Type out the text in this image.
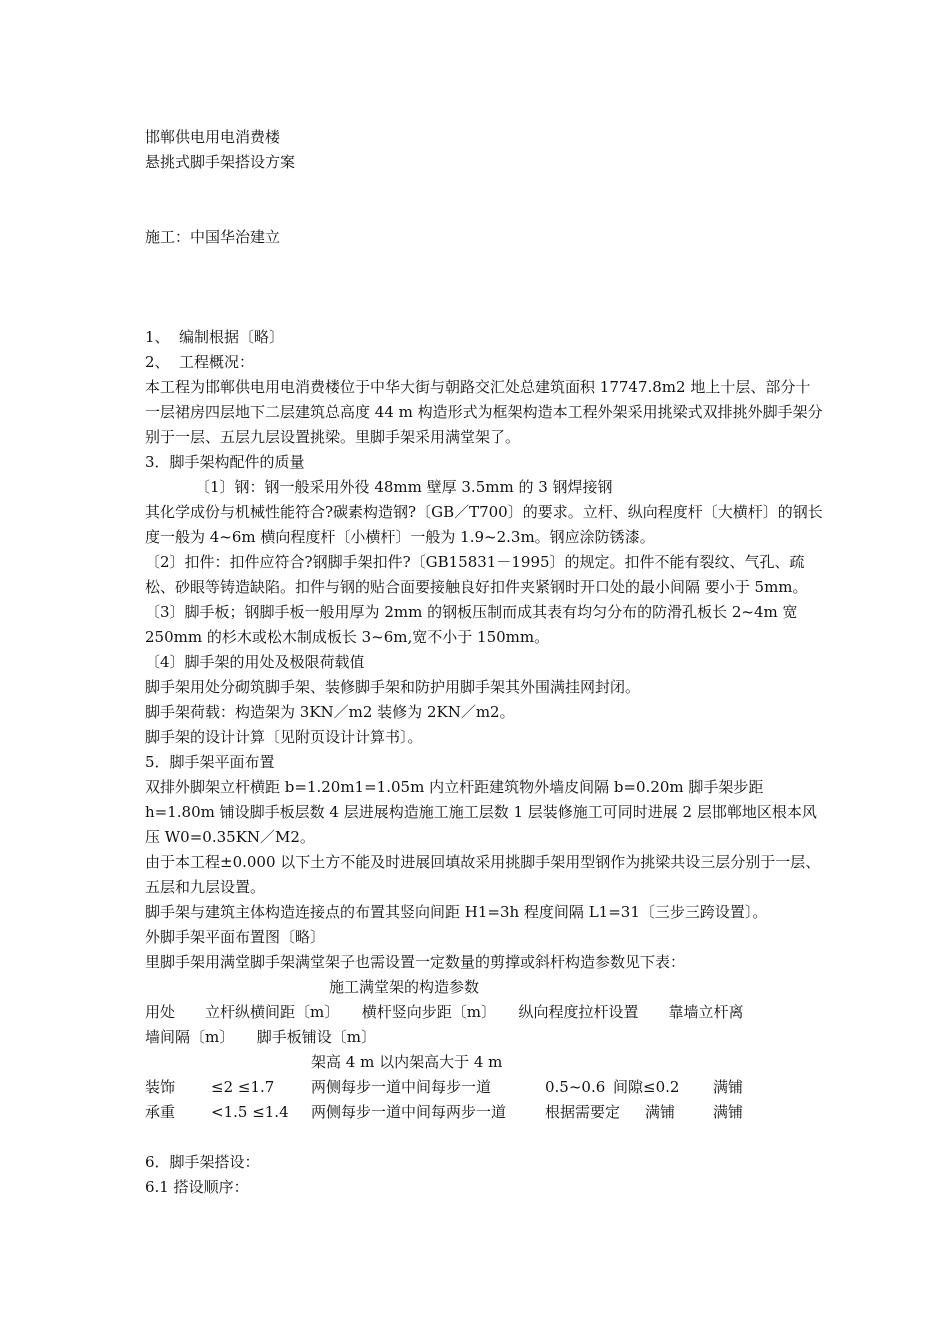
邯郸供电用电消费楼

悬挑式脚手架搭设方案

施工：中国华治建立

1、 编制根据〔略〕

2、 工程概况：

本工程为邯郸供电用电消费楼位于中华大街与朝路交汇处总建筑面积 17747.8m2 地上十层、部分十一层裙房四层地下二层建筑总高度 44 m 构造形式为框架构造本工程外架采用挑梁式双排挑外脚手架分别于一层、五层九层设置挑梁。里脚手架采用满堂架了。

3．脚手架构配件的质量

〔1〕钢：钢一般采用外役 48mm 壁厚 3.5mm 的 3 钢焊接钢

其化学成份与机械性能符合?碳素构造钢?〔GB／T700〕的要求。立杆、纵向程度杆〔大横杆〕的钢长度一般为 4~6m 横向程度杆〔小横杆〕一般为 1.9~2.3m。钢应涂防锈漆。

〔2〕扣件：扣件应符合?钢脚手架扣件?〔GB15831－1995〕的规定。扣件不能有裂纹、气孔、疏松、砂眼等铸造缺陷。扣件与钢的贴合面要接触良好扣件夹紧钢时开口处的最小间隔 要小于 5mm。

〔3〕脚手板；钢脚手板一般用厚为 2mm 的钢板压制而成其表有均匀分布的防滑孔板长 2~4m 宽 250mm 的杉木或松木制成板长 3~6m,宽不小于 150mm。

〔4〕脚手架的用处及极限荷载值

脚手架用处分砌筑脚手架、装修脚手架和防护用脚手架其外围满挂网封闭。

脚手架荷载：构造架为 3KN／m2 装修为 2KN／m2。

脚手架的设计计算〔见附页设计计算书〕。

5．脚手架平面布置

双排外脚架立杆横距 b=1.20m1=1.05m 内立杆距建筑物外墙皮间隔 b=0.20m 脚手架步距 h=1.80m 铺设脚手板层数 4 层进展构造施工施工层数 1 层装修施工可同时进展 2 层邯郸地区根本风压 W0=0.35KN／M2。

由于本工程±0.000 以下土方不能及时进展回填故采用挑脚手架用型钢作为挑梁共设三层分别于一层、五层和九层设置。

脚手架与建筑主体构造连接点的布置其竖向间距 H1=3h 程度间隔 L1=31〔三步三跨设置〕。

外脚手架平面布置图〔略〕

里脚手架用满堂脚手架满堂架子也需设置一定数量的剪撑或斜杆构造参数见下表：

施工满堂架的构造参数

用处　　立杆纵横间距〔m〕　　横杆竖向步距〔m〕　　纵向程度拉杆设置　　靠墙立杆离

墙间隔〔m〕　　脚手板铺设〔m〕

架高 4 m 以内架高大于 4 m

装饰	≤2 ≤1.7	两侧每步一道中间每步一道	0.5~0.6 间隙≤0.2	满铺
承重	<1.5 ≤1.4	两侧每步一道中间每两步一道	根据需要定	满铺	满铺

6．脚手架搭设：

6.1 搭设顺序：
